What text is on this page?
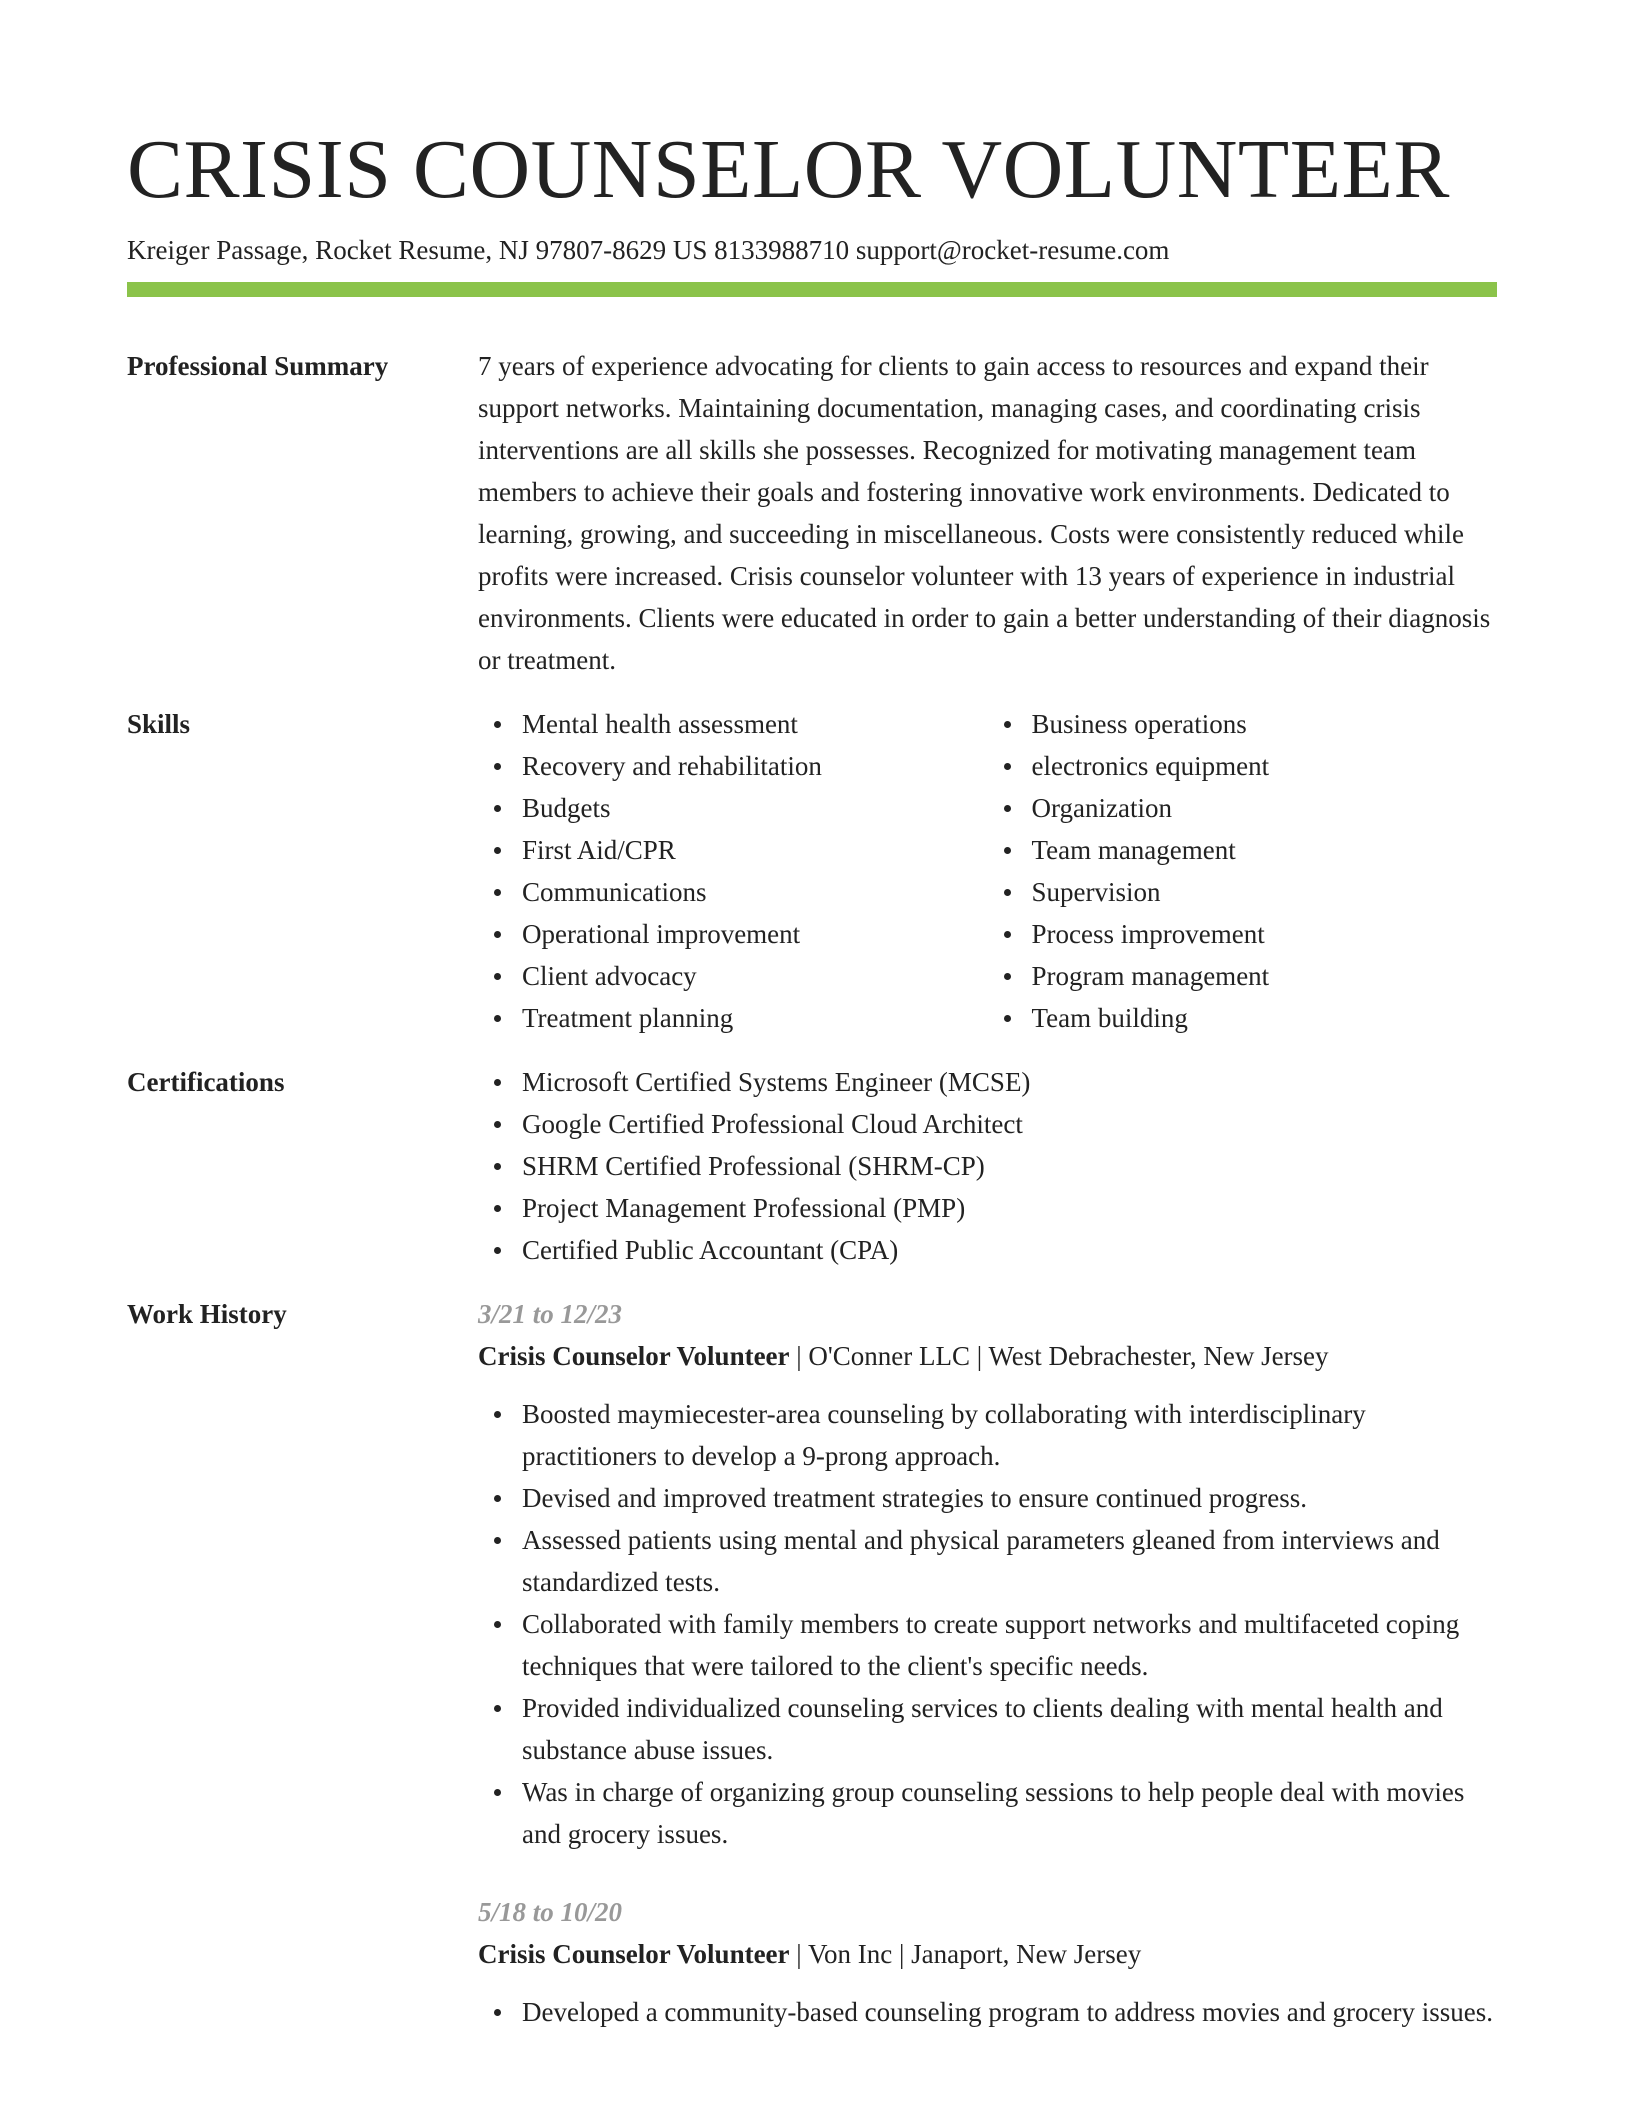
CRISIS COUNSELOR VOLUNTEER
Kreiger Passage, Rocket Resume, NJ 97807-8629 US 8133988710 support@rocket-resume.com
Professional Summary	7 years of experience advocating for clients to gain access to resources and expand their support networks. Maintaining documentation, managing cases, and coordinating crisis interventions are all skills she possesses. Recognized for motivating management team members to achieve their goals and fostering innovative work environments. Dedicated to learning, growing, and succeeding in miscellaneous. Costs were consistently reduced while profits were increased. Crisis counselor volunteer with 13 years of experience in industrial environments. Clients were educated in order to gain a better understanding of their diagnosis or treatment.

Skills	Mental health assessment
Recovery and rehabilitation
Budgets
First Aid/CPR
Communications
Operational improvement
Client advocacy
Treatment planning
Business operations
electronics equipment
Organization
Team management
Supervision
Process improvement
Program management
Team building
Certifications	Microsoft Certified Systems Engineer (MCSE)
Google Certified Professional Cloud Architect
SHRM Certified Professional (SHRM-CP)
Project Management Professional (PMP)
Certified Public Accountant (CPA)
Work History	3/21 to 12/23
Crisis Counselor Volunteer | O'Conner LLC | West Debrachester, New Jersey
Boosted maymiecester-area counseling by collaborating with interdisciplinary practitioners to develop a 9-prong approach.
Devised and improved treatment strategies to ensure continued progress.
Assessed patients using mental and physical parameters gleaned from interviews and standardized tests.
Collaborated with family members to create support networks and multifaceted coping techniques that were tailored to the client's specific needs.
Provided individualized counseling services to clients dealing with mental health and substance abuse issues.
Was in charge of organizing group counseling sessions to help people deal with movies and grocery issues.
5/18 to 10/20
Crisis Counselor Volunteer | Von Inc | Janaport, New Jersey
Developed a community-based counseling program to address movies and grocery issues.
